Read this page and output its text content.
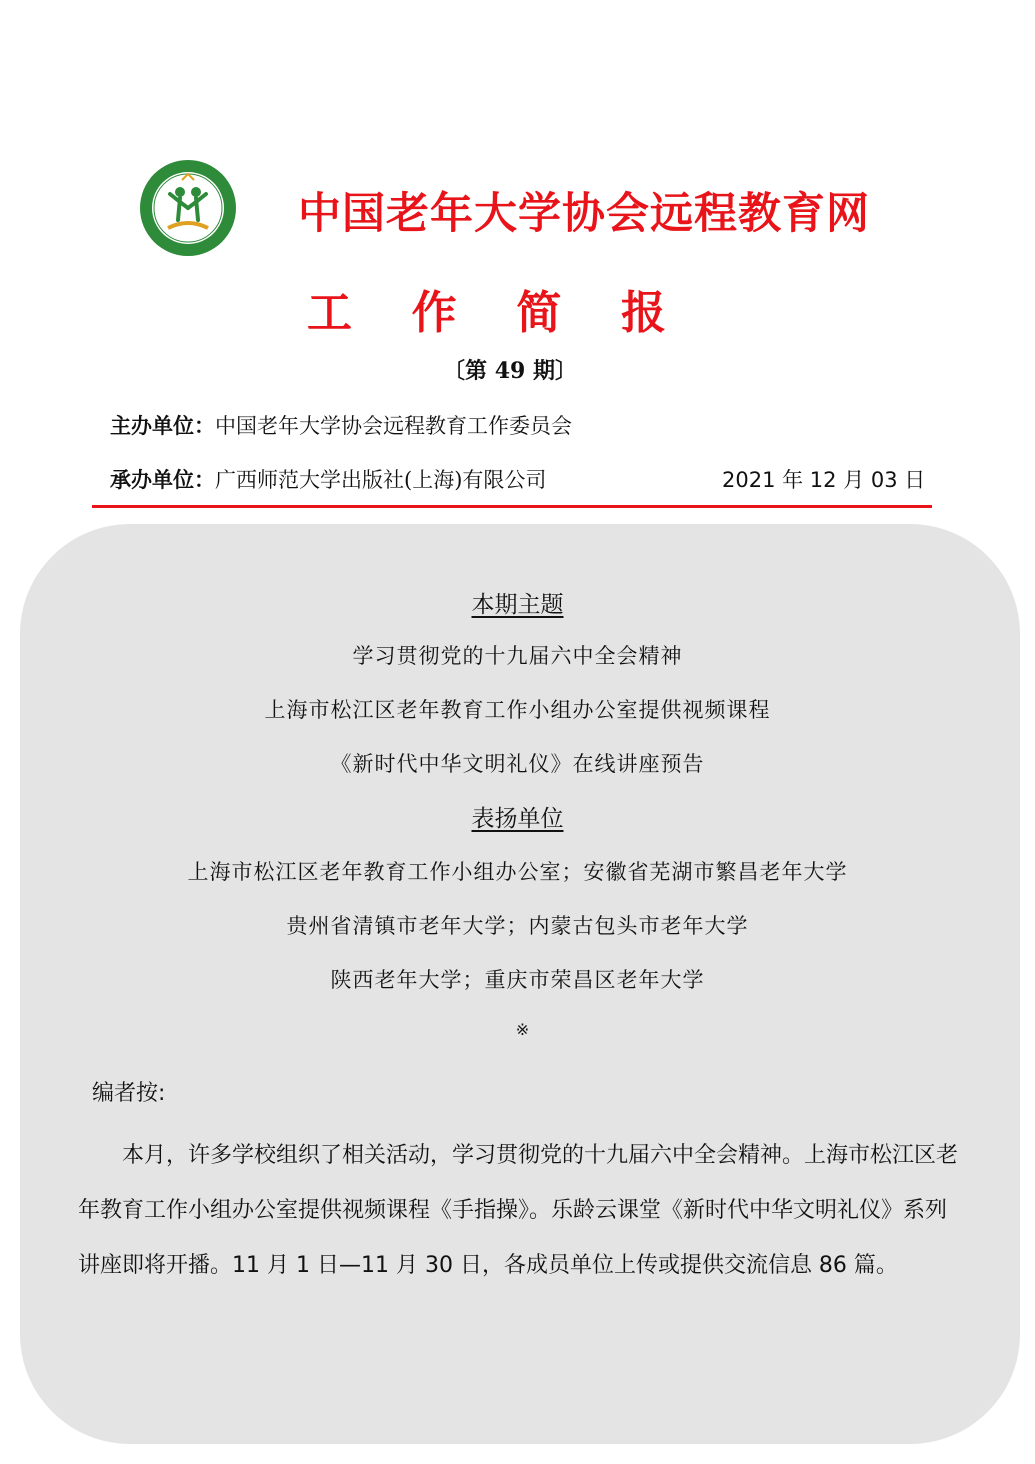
中国老年大学协会远程教育网
工 作 简 报
〔第 49 期〕
主办单位：中国老年大学协会远程教育工作委员会
承办单位：广西师范大学出版社(上海)有限公司	2021 年 12 月 03 日
本期主题
学习贯彻党的十九届六中全会精神
上海市松江区老年教育工作小组办公室提供视频课程
《新时代中华文明礼仪》在线讲座预告
表扬单位
上海市松江区老年教育工作小组办公室；安徽省芜湖市繁昌老年大学
贵州省清镇市老年大学；内蒙古包头市老年大学
陕西老年大学；重庆市荣昌区老年大学
※
编者按:

本月，许多学校组织了相关活动，学习贯彻党的十九届六中全会精神。上海市松江区老年教育工作小组办公室提供视频课程《手指操》。乐龄云课堂《新时代中华文明礼仪》系列讲座即将开播。11 月 1 日—11 月 30 日，各成员单位上传或提供交流信息 86 篇。
